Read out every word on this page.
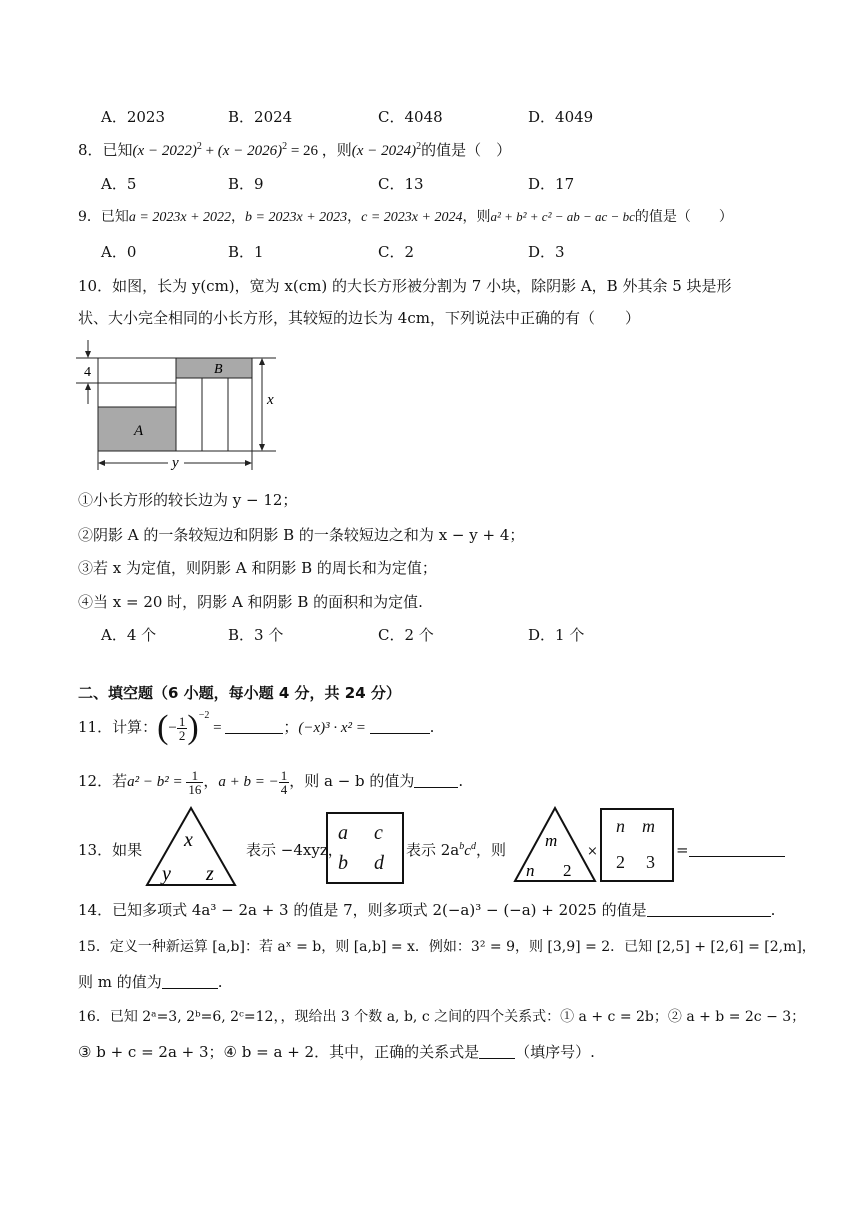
A．2023	B．2024	C．4048	D．4049
8．已知$(x - 2022)^2 + (x - 2026)^2 = 26$ ，则$(x - 2024)^2$的值是（　）
A．5	B．9	C．13	D．17
9．已知a = 2023x + 2022，b = 2023x + 2023，c = 2023x + 2024，则a² + b² + c² − ab − ac − bc的值是（　　）
A．0	B．1	C．2	D．3
10．如图，长为 y(cm)，宽为 x(cm) 的大长方形被分割为 7 小块，除阴影 A，B 外其余 5 块是形
状、大小完全相同的小长方形，其较短的边长为 4cm，下列说法中正确的有（　　）
4
A
B
x
y
①小长方形的较长边为 y − 12；
②阴影 A 的一条较短边和阴影 B 的一条较短边之和为 x − y + 4；
③若 x 为定值，则阴影 A 和阴影 B 的周长和为定值；
④当 x = 20 时，阴影 A 和阴影 B 的面积和为定值.
A．4 个	B．3 个	C．2 个	D．1 个
二、填空题（6 小题，每小题 4 分，共 24 分）
11．计算：(− $\frac{1}{2} )^{-2}$ =	；(−x)³ · x² =	.
12．若$a^2 - b^2 = \frac{1}{16}$ ，a + b = − $\frac{1}{4}$ ，则 a − b 的值为	.
13．如果 x
y z
表示 −4xyz，
a c
b d
表示 $2a^bc^d$，则 m
n 2
×
n m
2 3
=
14．已知多项式 4a³ − 2a + 3 的值是 7，则多项式 2(−a)³ − (−a) + 2025 的值是	.
15．定义一种新运算 [a,b]：若 aˣ = b，则 [a,b] = x．例如：3² = 9，则 [3,9] = 2．已知 [2,5] + [2,6] = [2,m]，
则 m 的值为	.
16．已知 2ᵃ=3, 2ᵇ=6, 2ᶜ=12，，现给出 3 个数 a, b, c 之间的四个关系式：① a + c = 2b；② a + b = 2c − 3；
③ b + c = 2a + 3；④ b = a + 2．其中，正确的关系式是 （填序号）.
